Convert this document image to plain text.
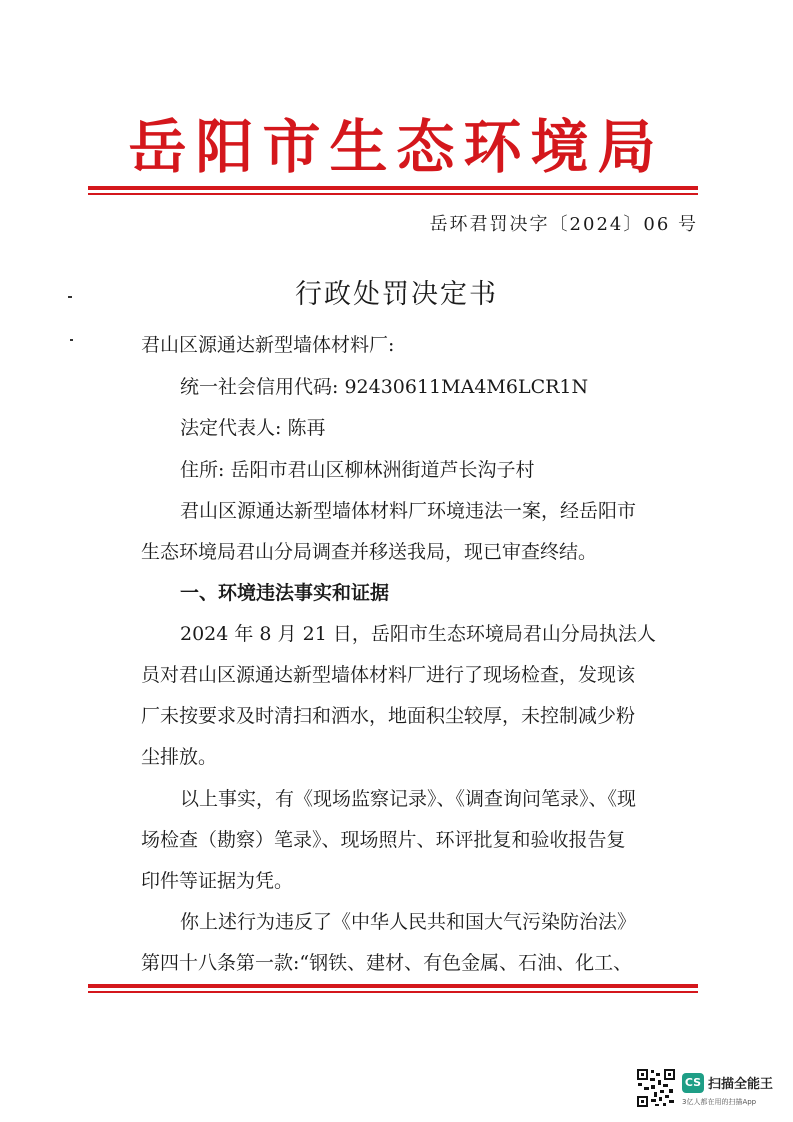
岳阳市生态环境局
岳环君罚决字〔2024〕06 号
行政处罚决定书
君山区源通达新型墙体材料厂:
统一社会信用代码: 92430611MA4M6LCR1N
法定代表人: 陈再
住所: 岳阳市君山区柳林洲街道芦长沟子村
君山区源通达新型墙体材料厂环境违法一案，经岳阳市
生态环境局君山分局调查并移送我局，现已审查终结。
一、环境违法事实和证据
2024 年 8 月 21 日，岳阳市生态环境局君山分局执法人
员对君山区源通达新型墙体材料厂进行了现场检查，发现该
厂未按要求及时清扫和洒水，地面积尘较厚，未控制减少粉
尘排放。
以上事实，有《现场监察记录》、《调查询问笔录》、《现
场检查（勘察）笔录》、现场照片、环评批复和验收报告复
印件等证据为凭。
你上述行为违反了《中华人民共和国大气污染防治法》
第四十八条第一款:“钢铁、建材、有色金属、石油、化工、
CS 扫描全能王
3亿人都在用的扫描App
